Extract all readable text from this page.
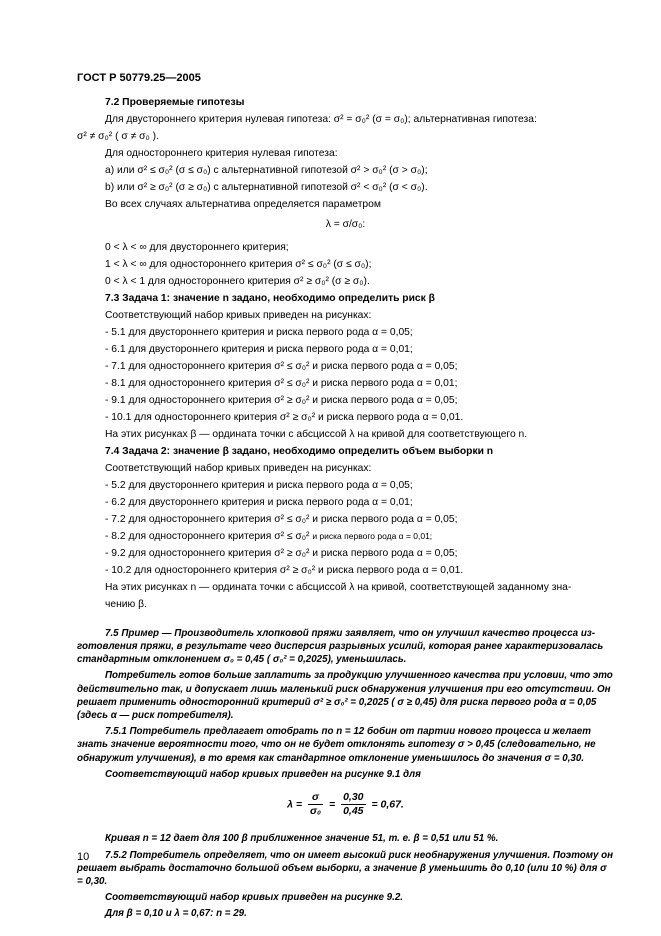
ГОСТ Р 50779.25—2005
7.2 Проверяемые гипотезы
Для двустороннего критерия нулевая гипотеза: σ² = σ₀² (σ = σ₀); альтернативная гипотеза:
σ² ≠ σ₀² ( σ ≠ σ₀ ).
Для одностороннего критерия нулевая гипотеза:
а) или σ² ≤ σ₀² (σ ≤ σ₀) с альтернативной гипотезой σ² > σ₀² (σ > σ₀);
b) или σ² ≥ σ₀² (σ ≥ σ₀) с альтернативной гипотезой σ² < σ₀² (σ < σ₀).
Во всех случаях альтернатива определяется параметром
λ = σ/σ₀:
0 < λ < ∞ для двустороннего критерия;
1 < λ < ∞ для одностороннего критерия σ² ≤ σ₀² (σ ≤ σ₀);
0 < λ < 1 для одностороннего критерия σ² ≥ σ₀² (σ ≥ σ₀).
7.3 Задача 1: значение n задано, необходимо определить риск β
Соответствующий набор кривых приведен на рисунках:
- 5.1 для двустороннего критерия и риска первого рода α = 0,05;
- 6.1 для двустороннего критерия и риска первого рода α = 0,01;
- 7.1 для одностороннего критерия σ² ≤ σ₀² и риска первого рода α = 0,05;
- 8.1 для одностороннего критерия σ² ≤ σ₀² и риска первого рода α = 0,01;
- 9.1 для одностороннего критерия σ² ≥ σ₀² и риска первого рода α = 0,05;
- 10.1 для одностороннего критерия σ² ≥ σ₀² и риска первого рода α = 0,01.
На этих рисунках β — ордината точки с абсциссой λ на кривой для соответствующего n.
7.4 Задача 2: значение β задано, необходимо определить объем выборки n
Соответствующий набор кривых приведен на рисунках:
- 5.2 для двустороннего критерия и риска первого рода α = 0,05;
- 6.2 для двустороннего критерия и риска первого рода α = 0,01;
- 7.2 для одностороннего критерия σ² ≤ σ₀² и риска первого рода α = 0,05;
- 8.2 для одностороннего критерия σ² ≤ σ₀² и риска первого рода α = 0,01;
- 9.2 для одностороннего критерия σ² ≥ σ₀² и риска первого рода α = 0,05;
- 10.2 для одностороннего критерия σ² ≥ σ₀² и риска первого рода α = 0,01.
На этих рисунках n — ордината точки с абсциссой λ на кривой, соответствующей заданному зна-
чению β.
7.5 Пример — Производитель хлопковой пряжи заявляет, что он улучшил качество процесса из-готовления пряжи, в результате чего дисперсия разрывных усилий, которая ранее характеризовалась стандартным отклонением σ₀ = 0,45 ( σ₀² = 0,2025), уменьшилась.
Потребитель готов больше заплатить за продукцию улучшенного качества при условии, что это действительно так, и допускает лишь маленький риск обнаружения улучшения при его отсутствии. Он решает применить односторонний критерий σ² ≥ σ₀² = 0,2025 ( σ ≥ 0,45) для риска первого рода α = 0,05 (здесь α — риск потребителя).
7.5.1 Потребитель предлагает отобрать по n = 12 бобин от партии нового процесса и желает знать значение вероятности того, что он не будет отклонять гипотезу σ > 0,45 (следовательно, не обнаружит улучшения), в то время как стандартное отклонение уменьшилось до значения σ = 0,30.
Соответствующий набор кривых приведен на рисунке 9.1 для
$\lambda = \frac{\sigma}{\text{σ₀}} = \frac{0,30}{0,45} = 0,67$.
Кривая n = 12 дает для 100 β приближенное значение 51, т. е. β = 0,51 или 51 %.
7.5.2 Потребитель определяет, что он имеет высокий риск необнаружения улучшения. Поэтому он решает выбрать достаточно большой объем выборки, а значение β уменьшить до 0,10 (или 10 %) для σ = 0,30.
Соответствующий набор кривых приведен на рисунке 9.2.
Для β = 0,10 и λ = 0,67: n = 29.
10
